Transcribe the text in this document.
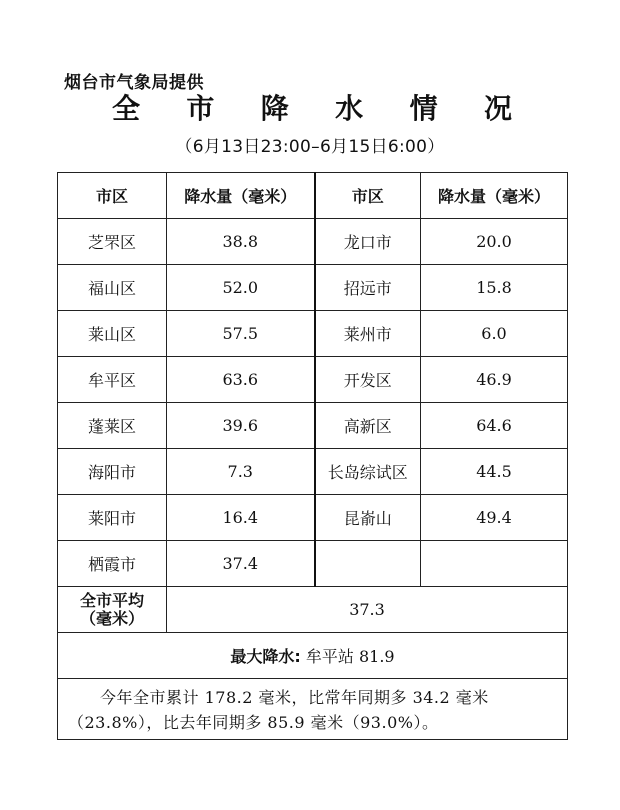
烟台市气象局提供
全 市 降 水 情 况
（6月13日23:00–6月15日6:00）
市区	降水量（毫米）	市区	降水量（毫米）
芝罘区	38.8	龙口市	20.0
福山区	52.0	招远市	15.8
莱山区	57.5	莱州市	6.0
牟平区	63.6	开发区	46.9
蓬莱区	39.6	高新区	64.6
海阳市	7.3	长岛综试区	44.5
莱阳市	16.4	昆嵛山	49.4
栖霞市	37.4		

全市平均
（毫米）	37.3		
最大降水: 牟平站 81.9			
今年全市累计 178.2 毫米，比常年同期多 34.2 毫米（23.8%），比去年同期多 85.9 毫米（93.0%）。			
